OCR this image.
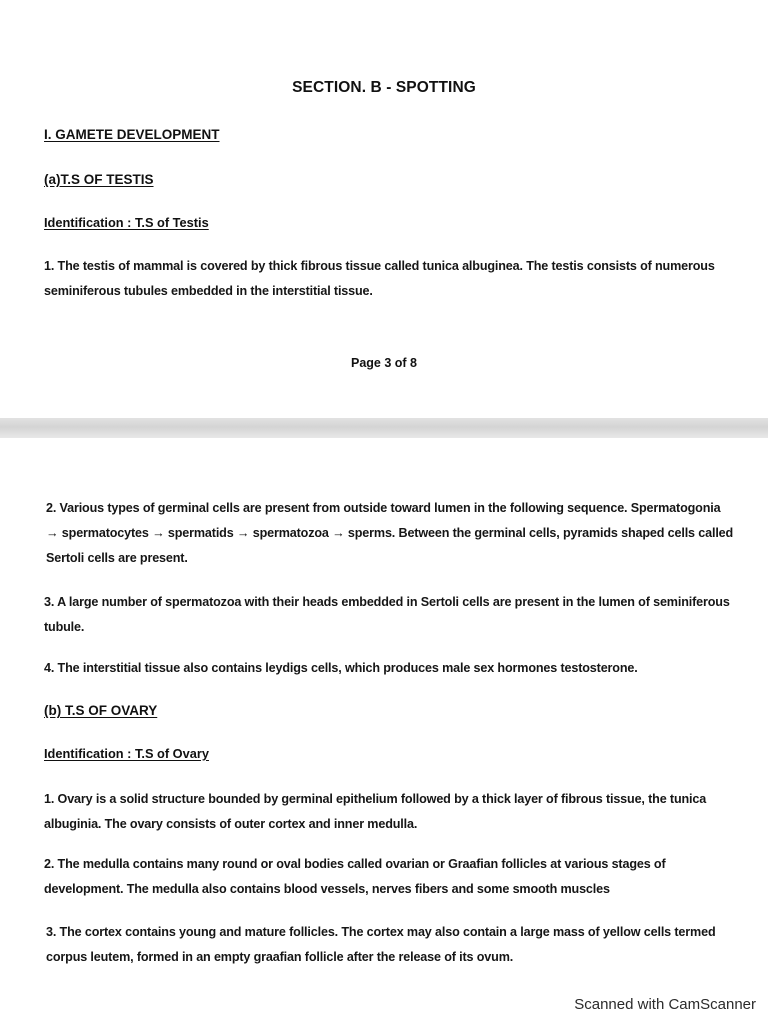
SECTION. B - SPOTTING
I. GAMETE DEVELOPMENT
(a)T.S OF TESTIS
Identification : T.S of Testis
1. The testis of mammal is covered by thick fibrous tissue called tunica albuginea. The testis consists of numerous seminiferous tubules embedded in the interstitial tissue.
Page 3 of 8
2. Various types of germinal cells are present from outside toward lumen in the following sequence. Spermatogonia → spermatocytes → spermatids → spermatozoa → sperms. Between the germinal cells, pyramids shaped cells called Sertoli cells are present.
3. A large number of spermatozoa with their heads embedded in Sertoli cells are present in the lumen of seminiferous tubule.
4. The interstitial tissue also contains leydigs cells, which produces male sex hormones testosterone.
(b) T.S OF OVARY
Identification : T.S of Ovary
1. Ovary is a solid structure bounded by germinal epithelium followed by a thick layer of fibrous tissue, the tunica albuginia. The ovary consists of outer cortex and inner medulla.
2. The medulla contains many round or oval bodies called ovarian or Graafian follicles at various stages of development. The medulla also contains blood vessels, nerves fibers and some smooth muscles
3. The cortex contains young and mature follicles. The cortex may also contain a large mass of yellow cells termed corpus leutem, formed in an empty graafian follicle after the release of its ovum.
Scanned with CamScanner
